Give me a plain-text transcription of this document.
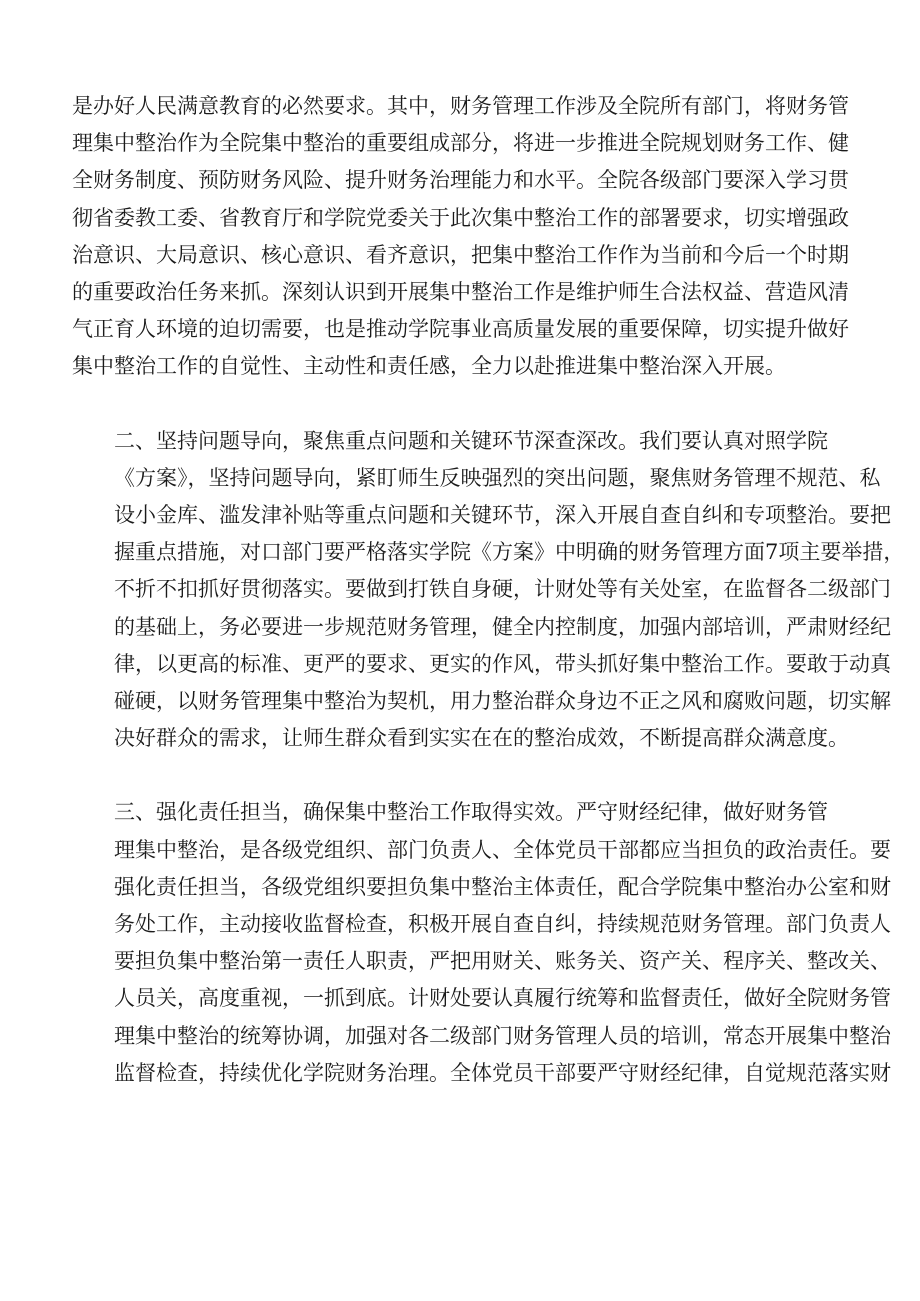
是办好人民满意教育的必然要求。其中，财务管理工作涉及全院所有部门，将财务管
理集中整治作为全院集中整治的重要组成部分，将进一步推进全院规划财务工作、健
全财务制度、预防财务风险、提升财务治理能力和水平。全院各级部门要深入学习贯
彻省委教工委、省教育厅和学院党委关于此次集中整治工作的部署要求，切实增强政
治意识、大局意识、核心意识、看齐意识，把集中整治工作作为当前和今后一个时期
的重要政治任务来抓。深刻认识到开展集中整治工作是维护师生合法权益、营造风清
气正育人环境的迫切需要，也是推动学院事业高质量发展的重要保障，切实提升做好
集中整治工作的自觉性、主动性和责任感，全力以赴推进集中整治深入开展。

二、坚持问题导向，聚焦重点问题和关键环节深查深改。我们要认真对照学院
《方案》，坚持问题导向，紧盯师生反映强烈的突出问题，聚焦财务管理不规范、私
设小金库、滥发津补贴等重点问题和关键环节，深入开展自查自纠和专项整治。要把
握重点措施，对口部门要严格落实学院《方案》中明确的财务管理方面7项主要举措，
不折不扣抓好贯彻落实。要做到打铁自身硬，计财处等有关处室，在监督各二级部门
的基础上，务必要进一步规范财务管理，健全内控制度，加强内部培训，严肃财经纪
律，以更高的标准、更严的要求、更实的作风，带头抓好集中整治工作。要敢于动真
碰硬，以财务管理集中整治为契机，用力整治群众身边不正之风和腐败问题，切实解
决好群众的需求，让师生群众看到实实在在的整治成效，不断提高群众满意度。

三、强化责任担当，确保集中整治工作取得实效。严守财经纪律，做好财务管
理集中整治，是各级党组织、部门负责人、全体党员干部都应当担负的政治责任。要
强化责任担当，各级党组织要担负集中整治主体责任，配合学院集中整治办公室和财
务处工作，主动接收监督检查，积极开展自查自纠，持续规范财务管理。部门负责人
要担负集中整治第一责任人职责，严把用财关、账务关、资产关、程序关、整改关、
人员关，高度重视，一抓到底。计财处要认真履行统筹和监督责任，做好全院财务管
理集中整治的统筹协调，加强对各二级部门财务管理人员的培训，常态开展集中整治
监督检查，持续优化学院财务治理。全体党员干部要严守财经纪律，自觉规范落实财
